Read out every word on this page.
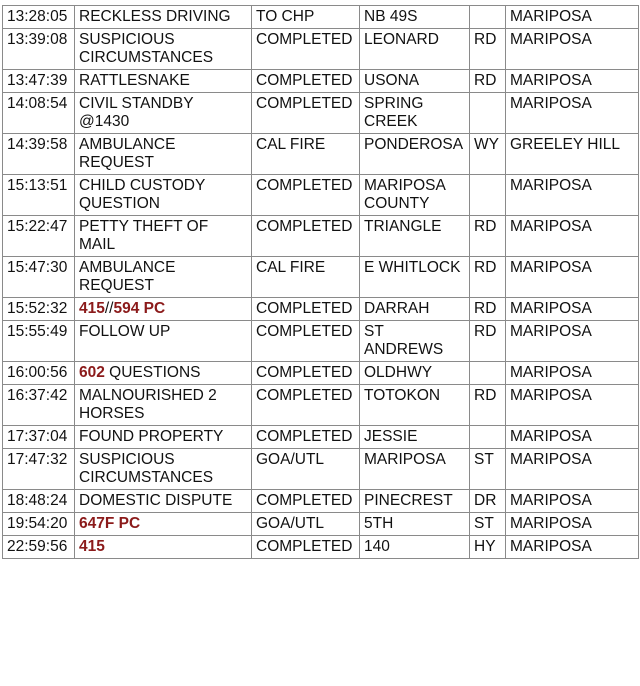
13:28:05	RECKLESS DRIVING	TO CHP	NB 49S		MARIPOSA
13:39:08	SUSPICIOUS CIRCUMSTANCES	COMPLETED	LEONARD	RD	MARIPOSA
13:47:39	RATTLESNAKE	COMPLETED	USONA	RD	MARIPOSA
14:08:54	CIVIL STANDBY @1430	COMPLETED	SPRING CREEK		MARIPOSA
14:39:58	AMBULANCE REQUEST	CAL FIRE	PONDEROSA	WY	GREELEY HILL
15:13:51	CHILD CUSTODY QUESTION	COMPLETED	MARIPOSA COUNTY		MARIPOSA
15:22:47	PETTY THEFT OF MAIL	COMPLETED	TRIANGLE	RD	MARIPOSA
15:47:30	AMBULANCE REQUEST	CAL FIRE	E WHITLOCK	RD	MARIPOSA
15:52:32	415//594 PC	COMPLETED	DARRAH	RD	MARIPOSA
15:55:49	FOLLOW UP	COMPLETED	ST ANDREWS	RD	MARIPOSA
16:00:56	602 QUESTIONS	COMPLETED	OLDHWY		MARIPOSA
16:37:42	MALNOURISHED 2 HORSES	COMPLETED	TOTOKON	RD	MARIPOSA
17:37:04	FOUND PROPERTY	COMPLETED	JESSIE		MARIPOSA
17:47:32	SUSPICIOUS CIRCUMSTANCES	GOA/UTL	MARIPOSA	ST	MARIPOSA
18:48:24	DOMESTIC DISPUTE	COMPLETED	PINECREST	DR	MARIPOSA
19:54:20	647F PC	GOA/UTL	5TH	ST	MARIPOSA
22:59:56	415	COMPLETED	140	HY	MARIPOSA
